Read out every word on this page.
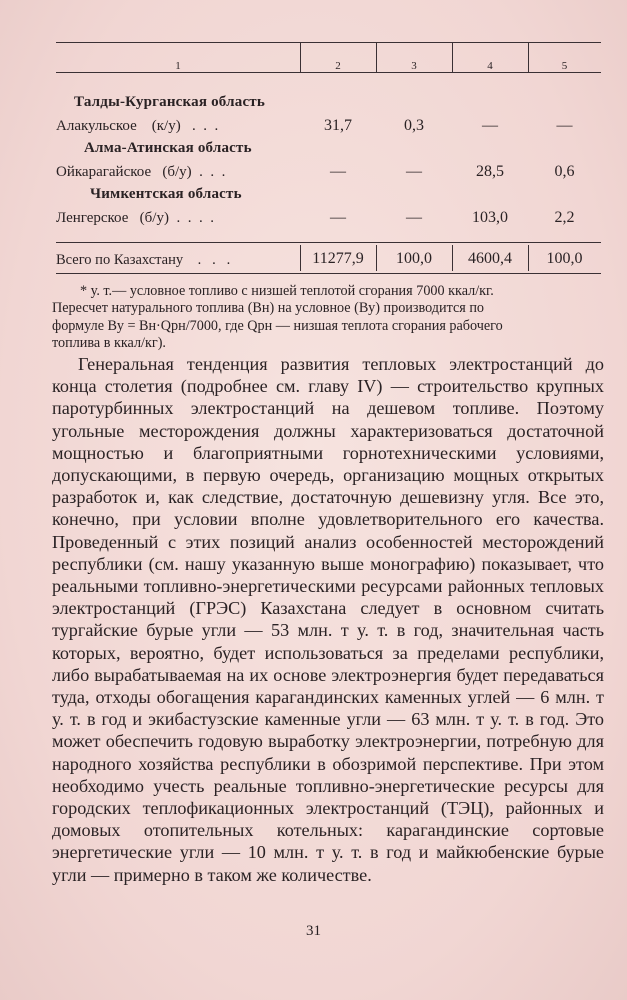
1	2	3	4	5
Талды-Курганская область
Алакульское (к/у)   .  .  .	31,7	0,3	—	—
Алма-Атинская область
Ойкарагайское (б/у)  .  .  .	—	—	28,5	0,6
Чимкентская область
Ленгерское (б/у)  .  .  .  .	—	—	103,0	2,2
Всего по Казахстану    .   .   .	11277,9	100,0	4600,4	100,0

* у. т.— условное топливо с низшей теплотой сгорания 7000 ккал/кг.

Пересчет натурального топлива (Вн) на условное (Ву) производится по

формуле Ву = Вн·Qрн/7000, где Qрн — низшая теплота сгорания рабочего

топлива в ккал/кг).

Генеральная тенденция развития тепловых электростанций до конца столетия (подробнее см. главу IV) — строительство крупных паротурбинных электростанций на дешевом топливе. Поэтому угольные месторождения должны характеризоваться достаточной мощностью и благоприятными горнотехническими условиями, допускающими, в первую очередь, организацию мощных открытых разработок и, как следствие, достаточную дешевизну угля. Все это, конечно, при условии вполне удовлетворительного его качества. Проведенный с этих позиций анализ особенностей месторождений республики (см. нашу указанную выше монографию) показывает, что реальными топливно-энергетическими ресурсами районных тепловых электростанций (ГРЭС) Казахстана следует в основном считать тургайские бурые угли — 53 млн. т у. т. в год, значительная часть которых, вероятно, будет использоваться за пределами республики, либо вырабатываемая на их основе электроэнергия будет передаваться туда, отходы обогащения карагандинских каменных углей — 6 млн. т у. т. в год и экибастузские каменные угли — 63 млн. т у. т. в год. Это может обеспечить годовую выработку электроэнергии, потребную для народного хозяйства республики в обозримой перспективе. При этом необходимо учесть реальные топливно-энергетические ресурсы для городских теплофикационных электростанций (ТЭЦ), районных и домовых отопительных котельных: карагандинские сортовые энергетические угли — 10 млн. т у. т. в год и майкюбенские бурые угли — примерно в таком же количестве.

31
